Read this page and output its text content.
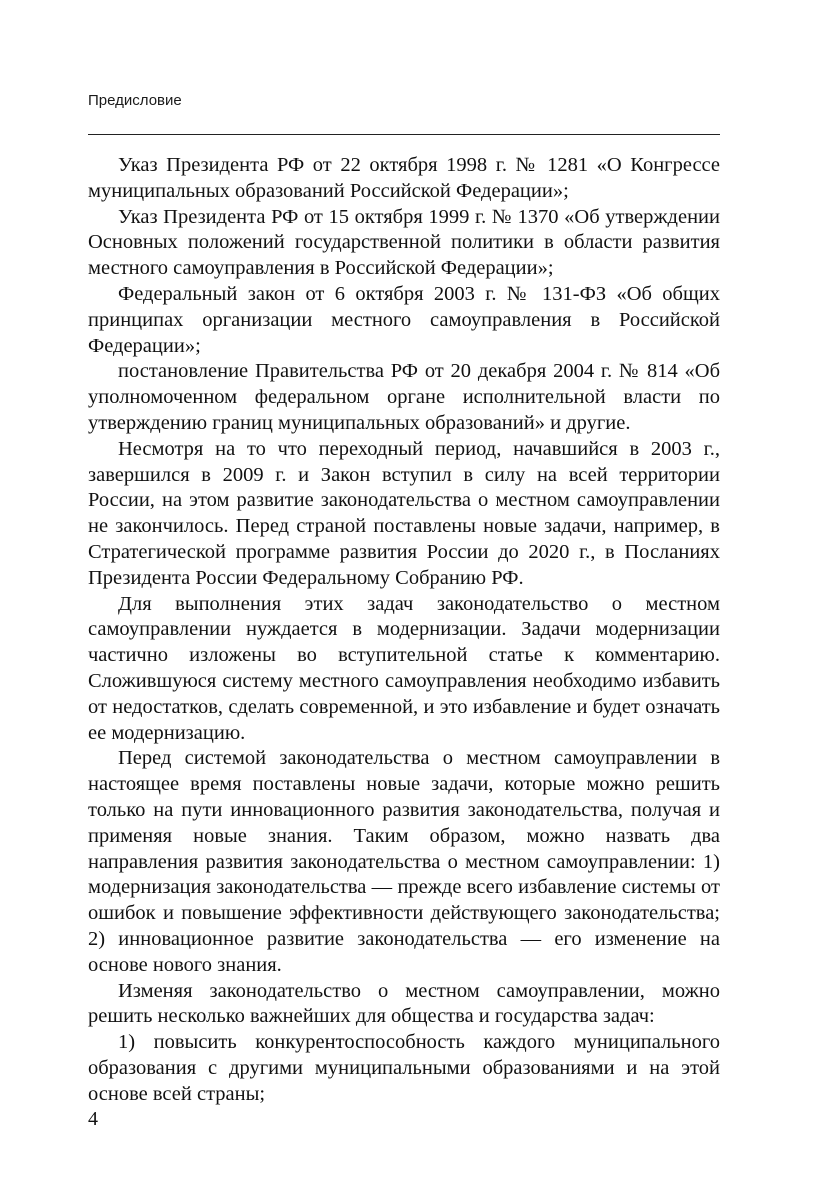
Предисловие

Указ Президента РФ от 22 октября 1998 г. № 1281 «О Конгрессе муниципальных образований Российской Федерации»;

Указ Президента РФ от 15 октября 1999 г. № 1370 «Об утверждении Основных положений государственной политики в области развития местного самоуправления в Российской Федерации»;

Федеральный закон от 6 октября 2003 г. № 131-ФЗ «Об общих принципах организации местного самоуправления в Российской Федерации»;

постановление Правительства РФ от 20 декабря 2004 г. № 814 «Об уполномоченном федеральном органе исполнительной власти по утверждению границ муниципальных образований» и другие.

Несмотря на то что переходный период, начавшийся в 2003 г., завершился в 2009 г. и Закон вступил в силу на всей территории России, на этом развитие законодательства о местном самоуправлении не закончилось. Перед страной поставлены новые задачи, например, в Стратегической программе развития России до 2020 г., в Посланиях Президента России Федеральному Собранию РФ.

Для выполнения этих задач законодательство о местном самоуправлении нуждается в модернизации. Задачи модернизации частично изложены во вступительной статье к комментарию. Сложившуюся систему местного самоуправления необходимо избавить от недостатков, сделать современной, и это избавление и будет означать ее модернизацию.

Перед системой законодательства о местном самоуправлении в настоящее время поставлены новые задачи, которые можно решить только на пути инновационного развития законодательства, получая и применяя новые знания. Таким образом, можно назвать два направления развития законодательства о местном самоуправлении: 1) модернизация законодательства — прежде всего избавление системы от ошибок и повышение эффективности действующего законодательства; 2) инновационное развитие законодательства — его изменение на основе нового знания.

Изменяя законодательство о местном самоуправлении, можно решить несколько важнейших для общества и государства задач:

1) повысить конкурентоспособность каждого муниципального образования с другими муниципальными образованиями и на этой основе всей страны;

4
